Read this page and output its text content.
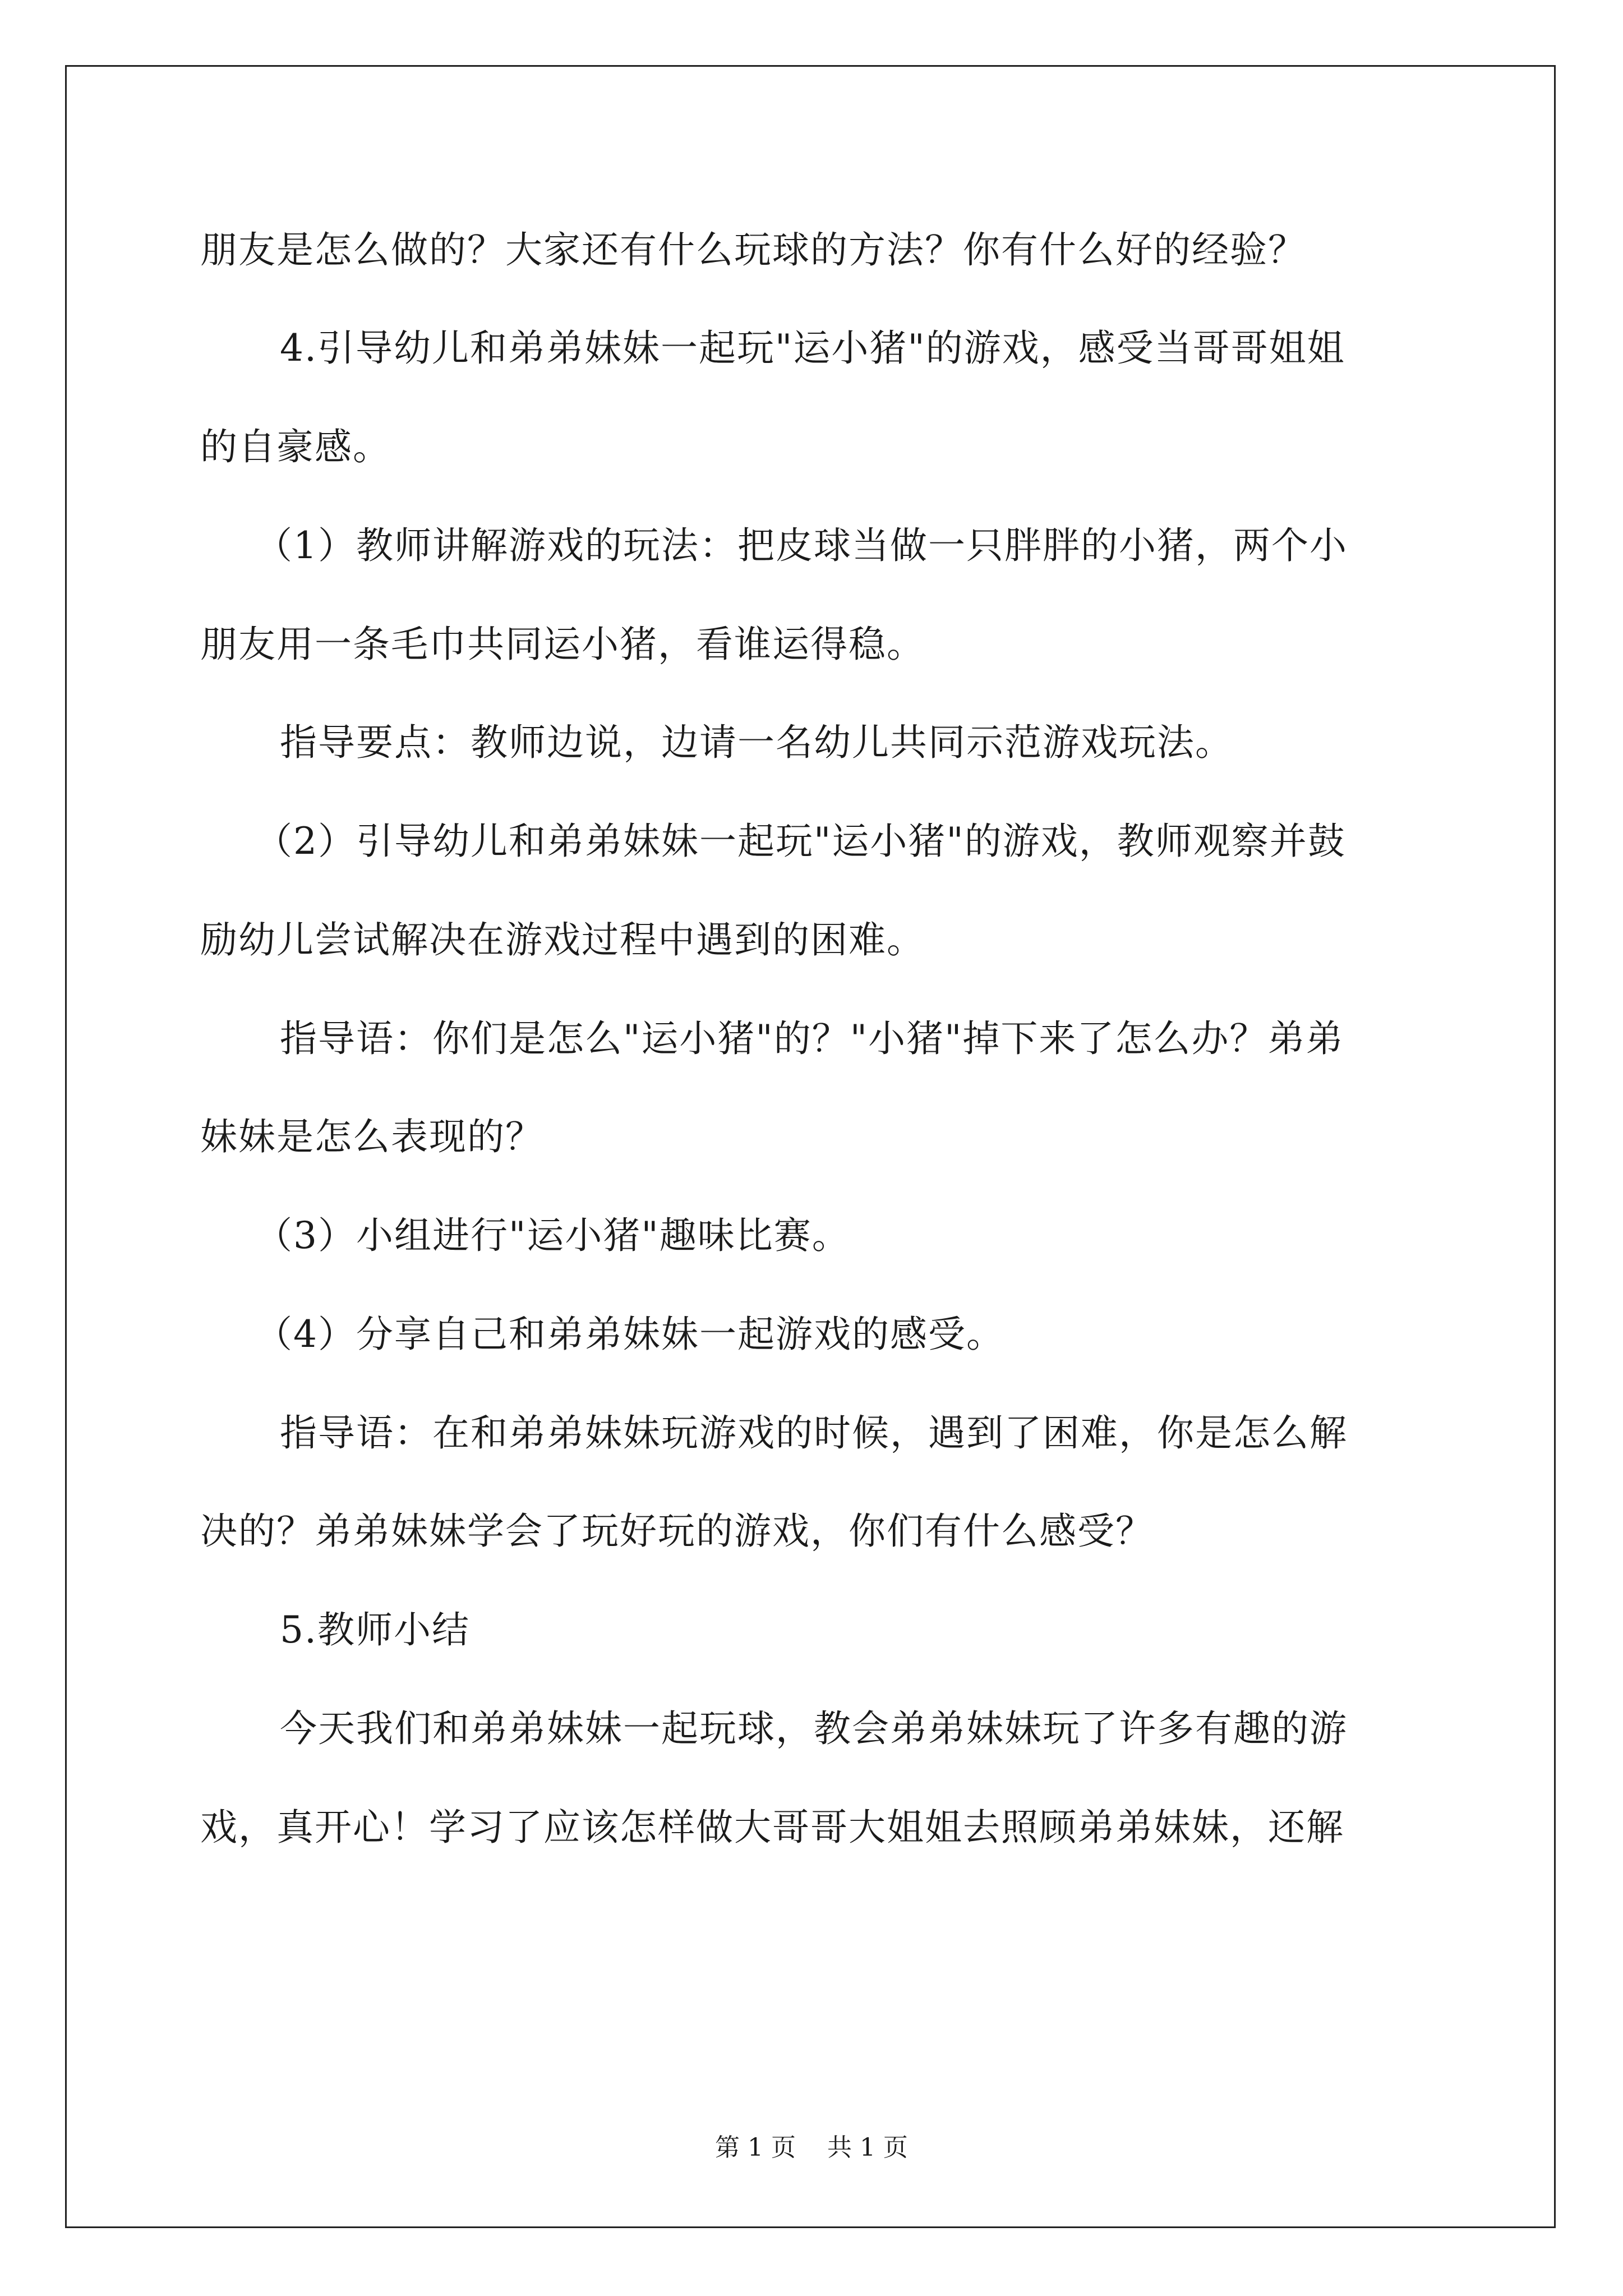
朋友是怎么做的？大家还有什么玩球的方法？你有什么好的经验？
4.引导幼儿和弟弟妹妹一起玩"运小猪"的游戏，感受当哥哥姐姐
的自豪感。
（1）教师讲解游戏的玩法：把皮球当做一只胖胖的小猪，两个小
朋友用一条毛巾共同运小猪，看谁运得稳。
指导要点：教师边说，边请一名幼儿共同示范游戏玩法。
（2）引导幼儿和弟弟妹妹一起玩"运小猪"的游戏，教师观察并鼓
励幼儿尝试解决在游戏过程中遇到的困难。
指导语：你们是怎么"运小猪"的？"小猪"掉下来了怎么办？弟弟
妹妹是怎么表现的？
（3）小组进行"运小猪"趣味比赛。
（4）分享自己和弟弟妹妹一起游戏的感受。
指导语：在和弟弟妹妹玩游戏的时候，遇到了困难，你是怎么解
决的？弟弟妹妹学会了玩好玩的游戏，你们有什么感受？
5.教师小结
今天我们和弟弟妹妹一起玩球，教会弟弟妹妹玩了许多有趣的游
戏，真开心！学习了应该怎样做大哥哥大姐姐去照顾弟弟妹妹，还解
第 1 页    共 1 页
